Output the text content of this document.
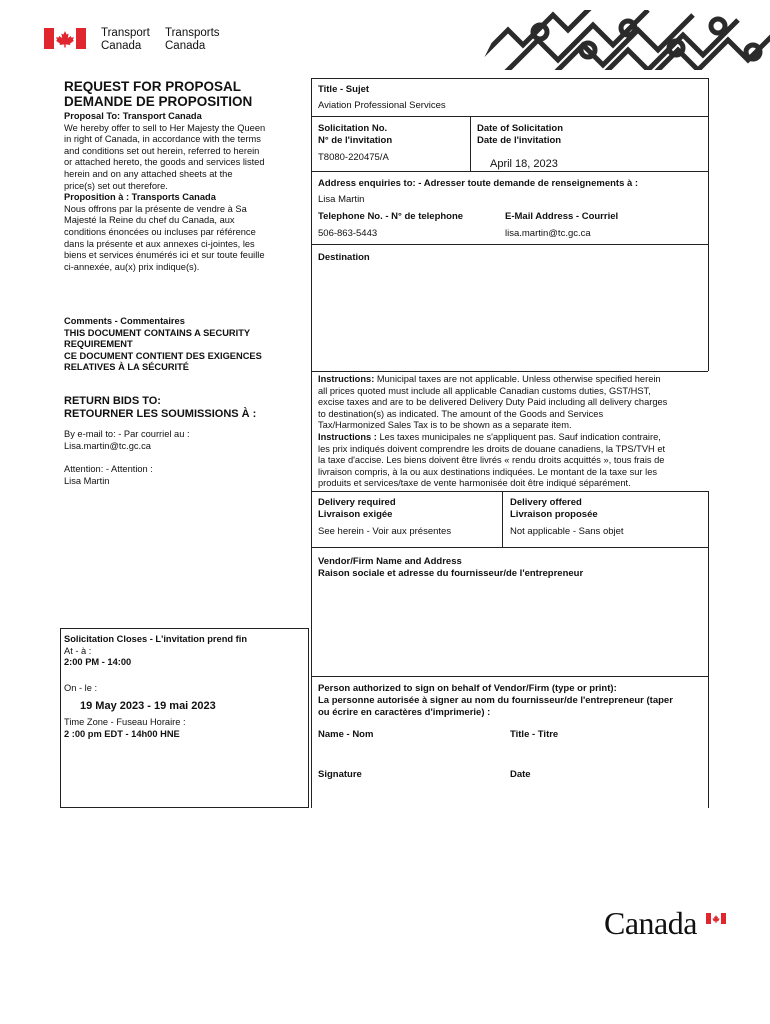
Transport
Canada
Transports
Canada
REQUEST FOR PROPOSAL
DEMANDE DE PROPOSITION
Proposal To: Transport Canada
We hereby offer to sell to Her Majesty the Queen
in right of Canada, in accordance with the terms
and conditions set out herein, referred to herein
or attached hereto, the goods and services listed
herein and on any attached sheets at the
price(s) set out therefore.
Proposition à : Transports Canada
Nous offrons par la présente de vendre à Sa
Majesté la Reine du chef du Canada, aux
conditions énoncées ou incluses par référence
dans la présente et aux annexes ci-jointes, les
biens et services énumérés ici et sur toute feuille
ci-annexée, au(x) prix indique(s).
Comments - Commentaires
THIS DOCUMENT CONTAINS A SECURITY
REQUIREMENT
CE DOCUMENT CONTIENT DES EXIGENCES
RELATIVES À LA SÉCURITÉ
RETURN BIDS TO:
RETOURNER LES SOUMISSIONS À :
By e-mail to: - Par courriel au :
Lisa.martin@tc.gc.ca
Attention: - Attention :
Lisa Martin
Solicitation Closes - L'invitation prend fin
At - à :
2:00 PM - 14:00
On - le :
19 May 2023 - 19 mai 2023
Time Zone - Fuseau Horaire :
2 :00 pm EDT - 14h00 HNE
Title - Sujet
Aviation Professional Services
Solicitation No.
N° de l'invitation
T8080-220475/A
Date of Solicitation
Date de l'invitation
April 18, 2023
Address enquiries to: - Adresser toute demande de renseignements à :
Lisa Martin
Telephone No. - N° de telephone
506-863-5443
E-Mail Address - Courriel
lisa.martin@tc.gc.ca
Destination
Instructions: Municipal taxes are not applicable. Unless otherwise specified herein
all prices quoted must include all applicable Canadian customs duties, GST/HST,
excise taxes and are to be delivered Delivery Duty Paid including all delivery charges
to destination(s) as indicated. The amount of the Goods and Services
Tax/Harmonized Sales Tax is to be shown as a separate item.
Instructions : Les taxes municipales ne s'appliquent pas. Sauf indication contraire,
les prix indiqués doivent comprendre les droits de douane canadiens, la TPS/TVH et
la taxe d'accise. Les biens doivent être livrés « rendu droits acquittés », tous frais de
livraison compris, à la ou aux destinations indiquées. Le montant de la taxe sur les
produits et services/taxe de vente harmonisée doit être indiqué séparément.
Delivery required
Livraison exigée
See herein - Voir aux présentes
Delivery offered
Livraison proposée
Not applicable - Sans objet
Vendor/Firm Name and Address
Raison sociale et adresse du fournisseur/de l'entrepreneur
Person authorized to sign on behalf of Vendor/Firm (type or print):
La personne autorisée à signer au nom du fournisseur/de l'entrepreneur (taper
ou écrire en caractères d'imprimerie) :
Name - Nom	Title - Titre
Signature	Date
Canada
